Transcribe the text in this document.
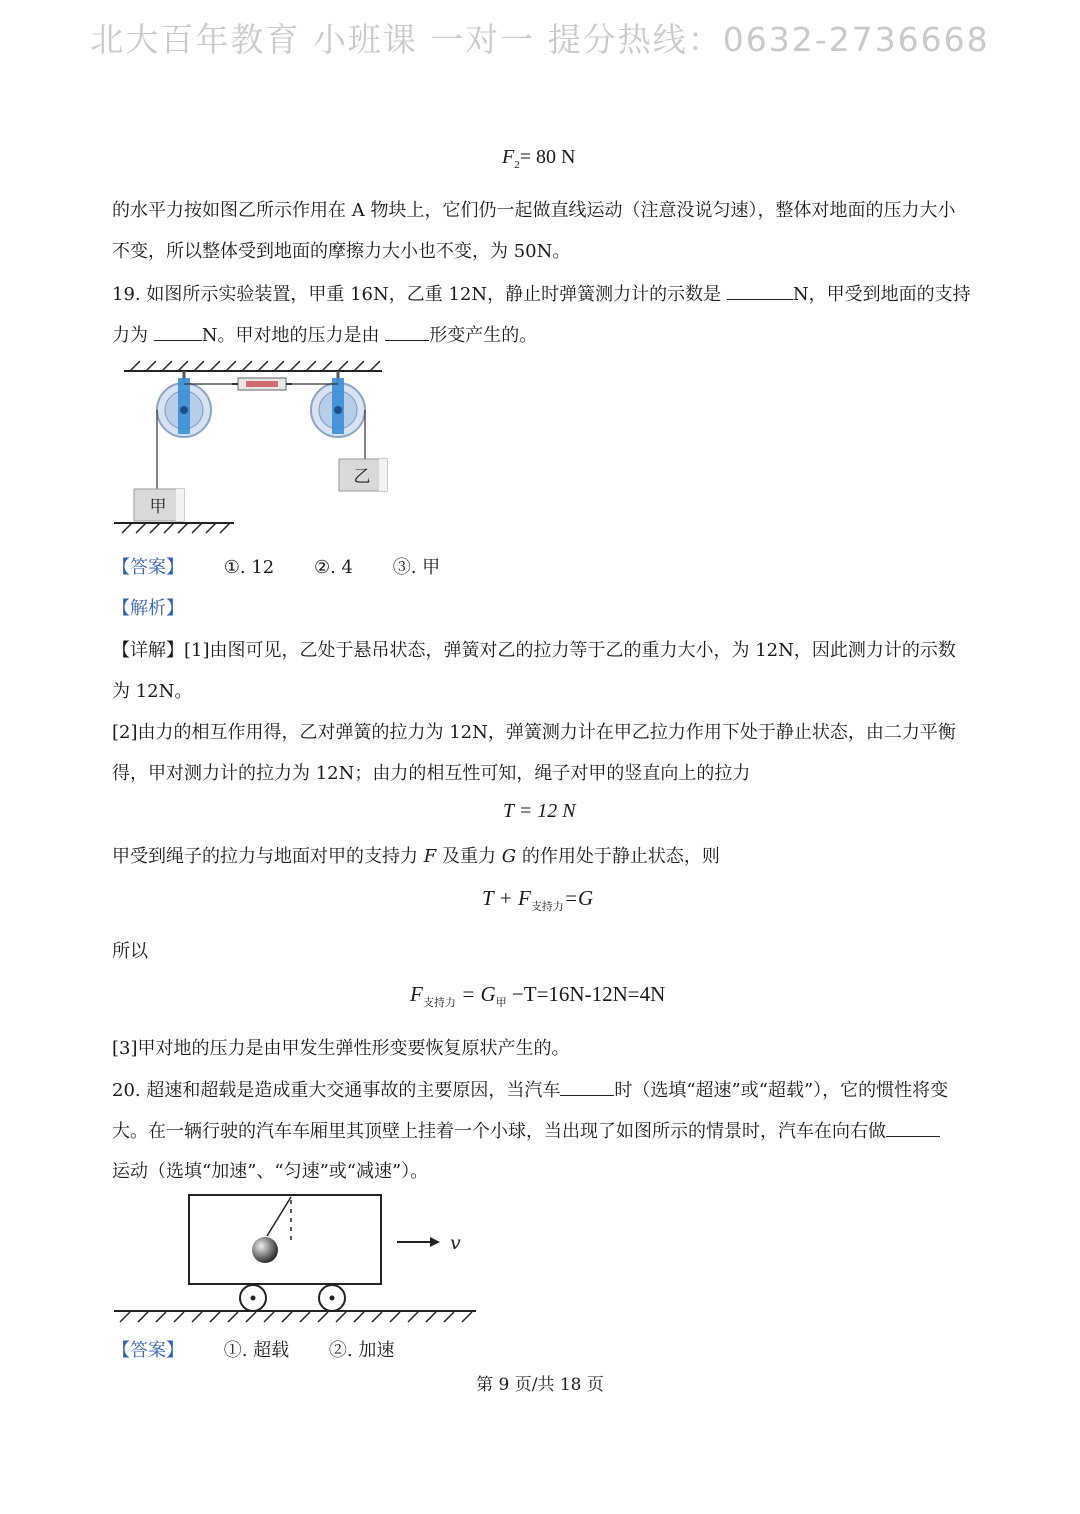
北大百年教育 小班课 一对一 提分热线：0632-2736668
$F_2= 80$ N
的水平力按如图乙所示作用在 A 物块上，它们仍一起做直线运动（注意没说匀速），整体对地面的压力大小
不变，所以整体受到地面的摩擦力大小也不变，为 50N。
19. 如图所示实验装置，甲重 16N，乙重 12N，静止时弹簧测力计的示数是	N，甲受到地面的支持
力为	N。甲对地的压力是由	形变产生的。
甲
乙
【答案】 ①. 12 ②. 4 ③. 甲
【解析】
【详解】[1]由图可见，乙处于悬吊状态，弹簧对乙的拉力等于乙的重力大小，为 12N，因此测力计的示数
为 12N。
[2]由力的相互作用得，乙对弹簧的拉力为 12N，弹簧测力计在甲乙拉力作用下处于静止状态，由二力平衡
得，甲对测力计的拉力为 12N；由力的相互性可知，绳子对甲的竖直向上的拉力
T = 12 N
甲受到绳子的拉力与地面对甲的支持力 F 及重力 G 的作用处于静止状态，则
$T + F_{支持力}=G$
所以
$F_{支持力} = G_甲 -T=16N-12N=4N$
[3]甲对地的压力是由甲发生弹性形变要恢复原状产生的。
20. 超速和超载是造成重大交通事故的主要原因，当汽车	时（选填“超速”或“超载”），它的惯性将变
大。在一辆行驶的汽车车厢里其顶壁上挂着一个小球，当出现了如图所示的情景时，汽车在向右做
运动（选填“加速”、“匀速”或“减速”）。
v
【答案】 ①. 超载 ②. 加速
第 9 页/共 18 页
